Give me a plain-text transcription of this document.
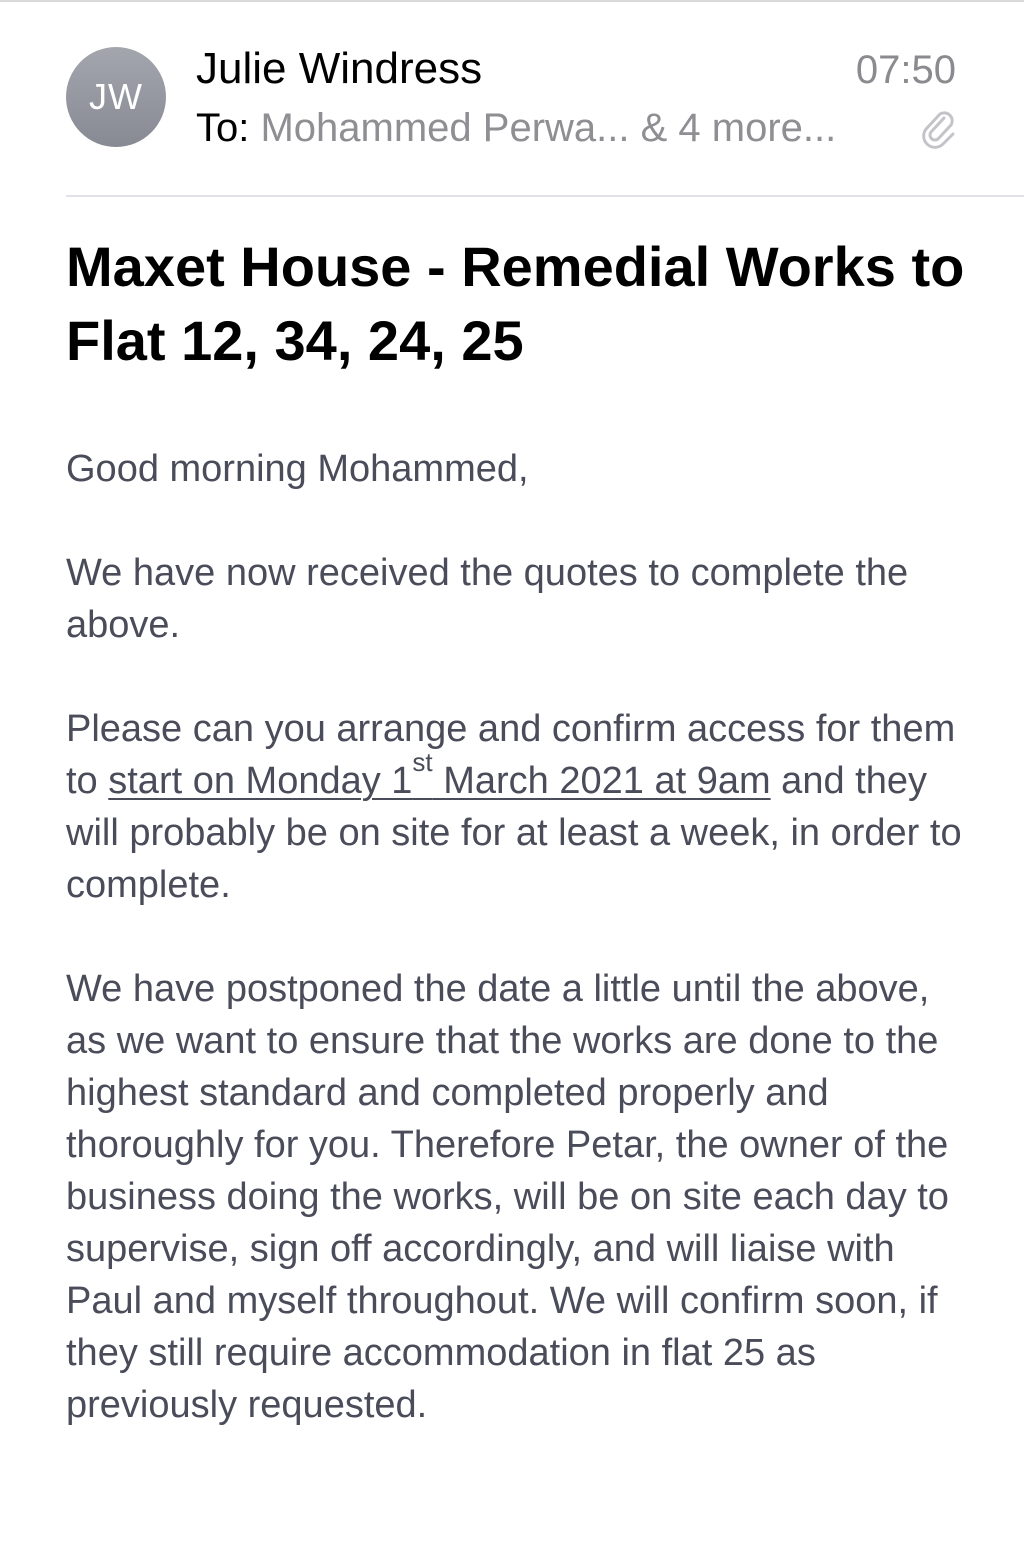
JW
Julie Windress	07:50
To: Mohammed Perwa... & 4 more...
Maxet House - Remedial Works to Flat 12, 34, 24, 25

Good morning Mohammed,

We have now received the quotes to complete the above.

Please can you arrange and confirm access for them to start on Monday 1st March 2021 at 9am and they will probably be on site for at least a week, in order to complete.

We have postponed the date a little until the above, as we want to ensure that the works are done to the highest standard and completed properly and thoroughly for you. Therefore Petar, the owner of the business doing the works, will be on site each day to supervise, sign off accordingly, and will liaise with Paul and myself throughout. We will confirm soon, if they still require accommodation in flat 25 as previously requested.
